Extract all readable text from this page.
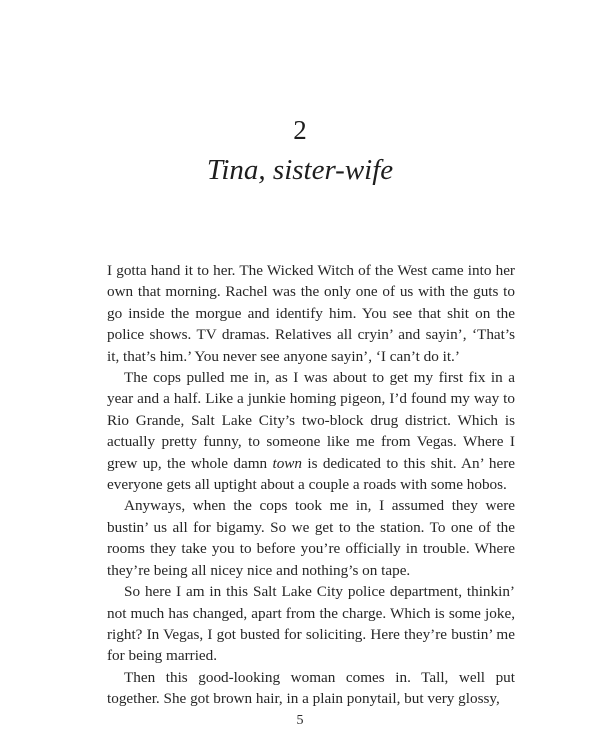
2
Tina, sister-wife

I gotta hand it to her. The Wicked Witch of the West came into her own that morning. Rachel was the only one of us with the guts to go inside the morgue and identify him. You see that shit on the police shows. TV dramas. Relatives all cryin’ and sayin’, ‘That’s it, that’s him.’ You never see anyone sayin’, ‘I can’t do it.’

The cops pulled me in, as I was about to get my first fix in a year and a half. Like a junkie homing pigeon, I’d found my way to Rio Grande, Salt Lake City’s two-block drug district. Which is actually pretty funny, to someone like me from Vegas. Where I grew up, the whole damn town is dedicated to this shit. An’ here everyone gets all uptight about a couple a roads with some hobos.

Anyways, when the cops took me in, I assumed they were bustin’ us all for bigamy. So we get to the station. To one of the rooms they take you to before you’re officially in trouble. Where they’re being all nicey nice and nothing’s on tape.

So here I am in this Salt Lake City police department, thinkin’ not much has changed, apart from the charge. Which is some joke, right? In Vegas, I got busted for soliciting. Here they’re bustin’ me for being married.

Then this good-looking woman comes in. Tall, well put together. She got brown hair, in a plain ponytail, but very glossy,

5
